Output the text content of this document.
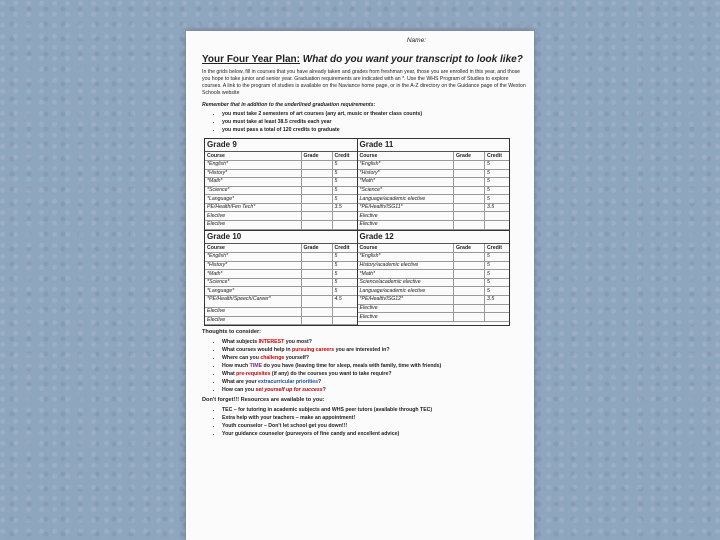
Name:
Your Four Year Plan: What do you want your transcript to look like?
In the grids below, fill in courses that you have already taken and grades from freshman year, those you are enrolled in this year, and those you hope to take junior and senior year. Graduation requirements are indicated with an *. Use the WHS Program of Studies to explore courses. A link to the program of studies is available on the Naviance home page, or in the A-Z directory on the Guidance page of the Weston Schools website
Remember that in addition to the underlined graduation requirements:
• you must take 2 semesters of art courses (any art, music or theater class counts)
• you must take at least 38.5 credits each year
• you must pass a total of 120 credits to graduate
Grade 9
Course	Grade	Credit
*English*		5
*History*		5
*Math*		5
*Science*		5
*Language*		5
PE/Health/Fen Tech*		3.5
Elective		
Elective		
Grade 11
Course	Grade	Credit
*English*		5
*History*		5
*Math*		5
*Science*		5
Language/academic elective		5
*PE/Health/ISG11*		3.5
Elective		
Elective		
Grade 10
Course	Grade	Credit
*English*		5
*History*		5
*Math*		5
*Science*		5
*Language*		5
*PE/Health/Speech/Career*		4.5
Elective		
Elective		
Grade 12
Course	Grade	Credit
*English*		5
History/academic elective		5
*Math*		5
Science/academic elective		5
Language/academic elective		5
*PE/Health/ISG12*		3.5
Elective		
Elective		
Thoughts to consider:
• What subjects INTEREST you most?
• What courses would help in pursuing careers you are interested in?
• Where can you challenge yourself?
• How much TIME do you have (leaving time for sleep, meals with family, time with friends)
• What pre-requisites (if any) do the courses you want to take require?
• What are your extracurricular priorities?
• How can you set yourself up for success?
Don't forget!!! Resources are available to you:
• TEC – for tutoring in academic subjects and WHS peer tutors (available through TEC)
• Extra help with your teachers – make an appointment!
• Youth counselor – Don't let school get you down!!!
• Your guidance counselor (purveyors of fine candy and excellent advice)
